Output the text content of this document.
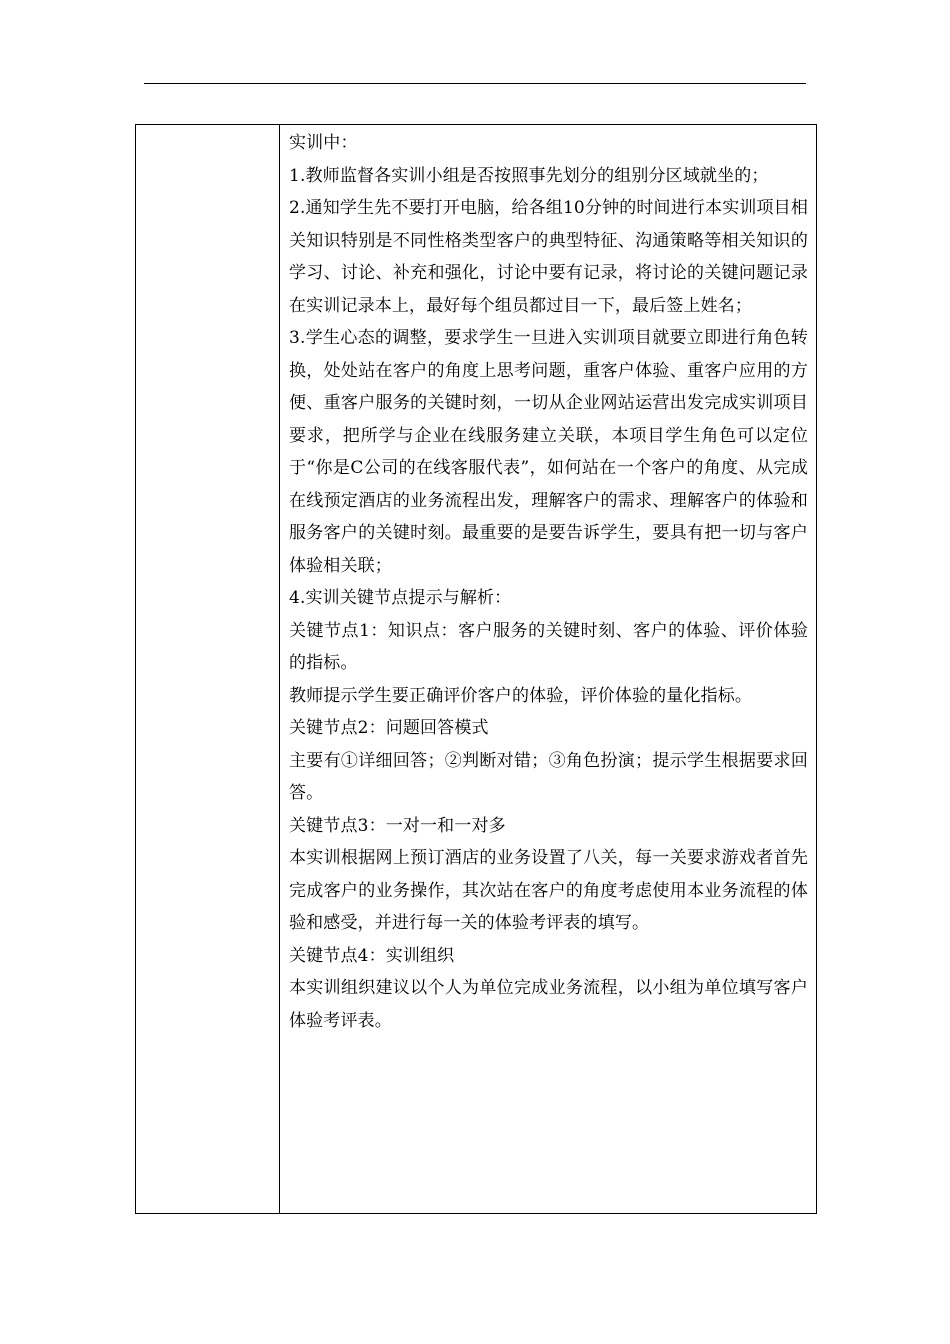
实训中：

1.教师监督各实训小组是否按照事先划分的组别分区域就坐的；

2.通知学生先不要打开电脑，给各组10分钟的时间进行本实训项目相关知识特别是不同性格类型客户的典型特征、沟通策略等相关知识的学习、讨论、补充和强化，讨论中要有记录，将讨论的关键问题记录在实训记录本上，最好每个组员都过目一下，最后签上姓名；

3.学生心态的调整，要求学生一旦进入实训项目就要立即进行角色转换，处处站在客户的角度上思考问题，重客户体验、重客户应用的方便、重客户服务的关键时刻，一切从企业网站运营出发完成实训项目要求，把所学与企业在线服务建立关联，本项目学生角色可以定位于“你是C公司的在线客服代表”，如何站在一个客户的角度、从完成在线预定酒店的业务流程出发，理解客户的需求、理解客户的体验和服务客户的关键时刻。最重要的是要告诉学生，要具有把一切与客户体验相关联；

4.实训关键节点提示与解析：

关键节点1：知识点：客户服务的关键时刻、客户的体验、评价体验的指标。

教师提示学生要正确评价客户的体验，评价体验的量化指标。

关键节点2：问题回答模式

主要有①详细回答；②判断对错；③角色扮演；提示学生根据要求回答。

关键节点3：一对一和一对多

本实训根据网上预订酒店的业务设置了八关，每一关要求游戏者首先完成客户的业务操作，其次站在客户的角度考虑使用本业务流程的体验和感受，并进行每一关的体验考评表的填写。

关键节点4：实训组织

本实训组织建议以个人为单位完成业务流程，以小组为单位填写客户体验考评表。
